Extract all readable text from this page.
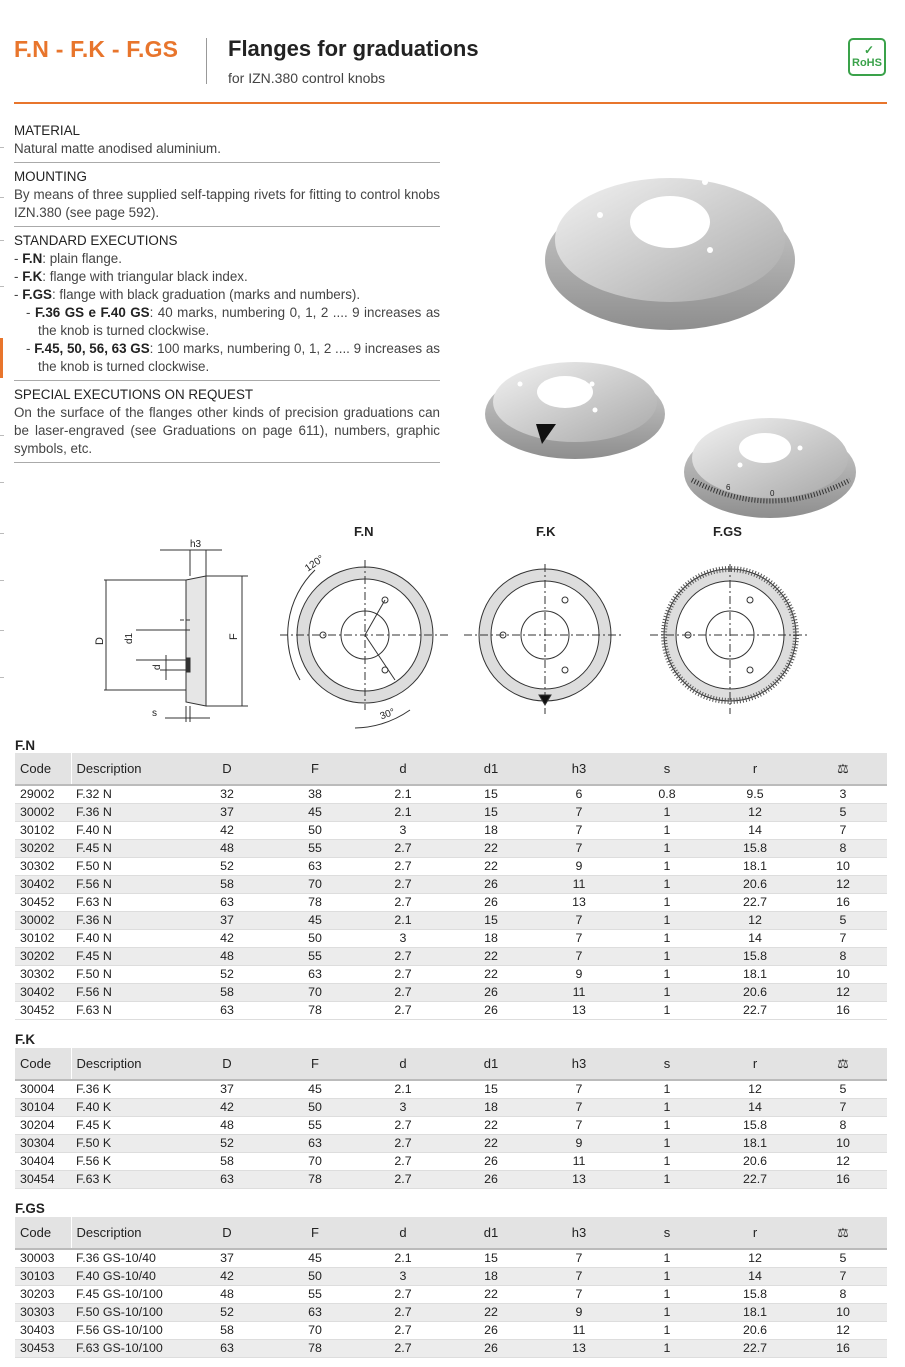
F.N - F.K - F.GS Flanges for graduations
for IZN.380 control knobs
✓
RoHS
MATERIAL

Natural matte anodised aluminium.

MOUNTING

By means of three supplied self-tapping rivets for fitting to control knobs IZN.380 (see page 592).

STANDARD EXECUTIONS

- F.N: plain flange.

- F.K: flange with triangular black index.

- F.GS: flange with black graduation (marks and numbers).

- F.36 GS e F.40 GS: 40 marks, numbering 0, 1, 2 .... 9 increases as the knob is turned clockwise.

- F.45, 50, 56, 63 GS: 100 marks, numbering 0, 1, 2 .... 9 increases as the knob is turned clockwise.

SPECIAL EXECUTIONS ON REQUEST

On the surface of the flanges other kinds of precision graduations can be laser-engraved (see Graduations on page 611), numbers, graphic symbols, etc.

0
6
D d1
d
F
h3
s
120°
30°
F.N	F.K	F.GS
F.N
Code	Description	D	F	d	d1	h3	s	r	⚖
29002	F.32 N	32	38	2.1	15	6	0.8	9.5	3
30002	F.36 N	37	45	2.1	15	7	1	12	5
30102	F.40 N	42	50	3	18	7	1	14	7
30202	F.45 N	48	55	2.7	22	7	1	15.8	8
30302	F.50 N	52	63	2.7	22	9	1	18.1	10
30402	F.56 N	58	70	2.7	26	11	1	20.6	12
30452	F.63 N	63	78	2.7	26	13	1	22.7	16
30002	F.36 N	37	45	2.1	15	7	1	12	5
30102	F.40 N	42	50	3	18	7	1	14	7
30202	F.45 N	48	55	2.7	22	7	1	15.8	8
30302	F.50 N	52	63	2.7	22	9	1	18.1	10
30402	F.56 N	58	70	2.7	26	11	1	20.6	12
30452	F.63 N	63	78	2.7	26	13	1	22.7	16
F.K
Code	Description	D	F	d	d1	h3	s	r	⚖
30004	F.36 K	37	45	2.1	15	7	1	12	5
30104	F.40 K	42	50	3	18	7	1	14	7
30204	F.45 K	48	55	2.7	22	7	1	15.8	8
30304	F.50 K	52	63	2.7	22	9	1	18.1	10
30404	F.56 K	58	70	2.7	26	11	1	20.6	12
30454	F.63 K	63	78	2.7	26	13	1	22.7	16
F.GS
Code	Description	D	F	d	d1	h3	s	r	⚖
30003	F.36 GS-10/40	37	45	2.1	15	7	1	12	5
30103	F.40 GS-10/40	42	50	3	18	7	1	14	7
30203	F.45 GS-10/100	48	55	2.7	22	7	1	15.8	8
30303	F.50 GS-10/100	52	63	2.7	22	9	1	18.1	10
30403	F.56 GS-10/100	58	70	2.7	26	11	1	20.6	12
30453	F.63 GS-10/100	63	78	2.7	26	13	1	22.7	16
